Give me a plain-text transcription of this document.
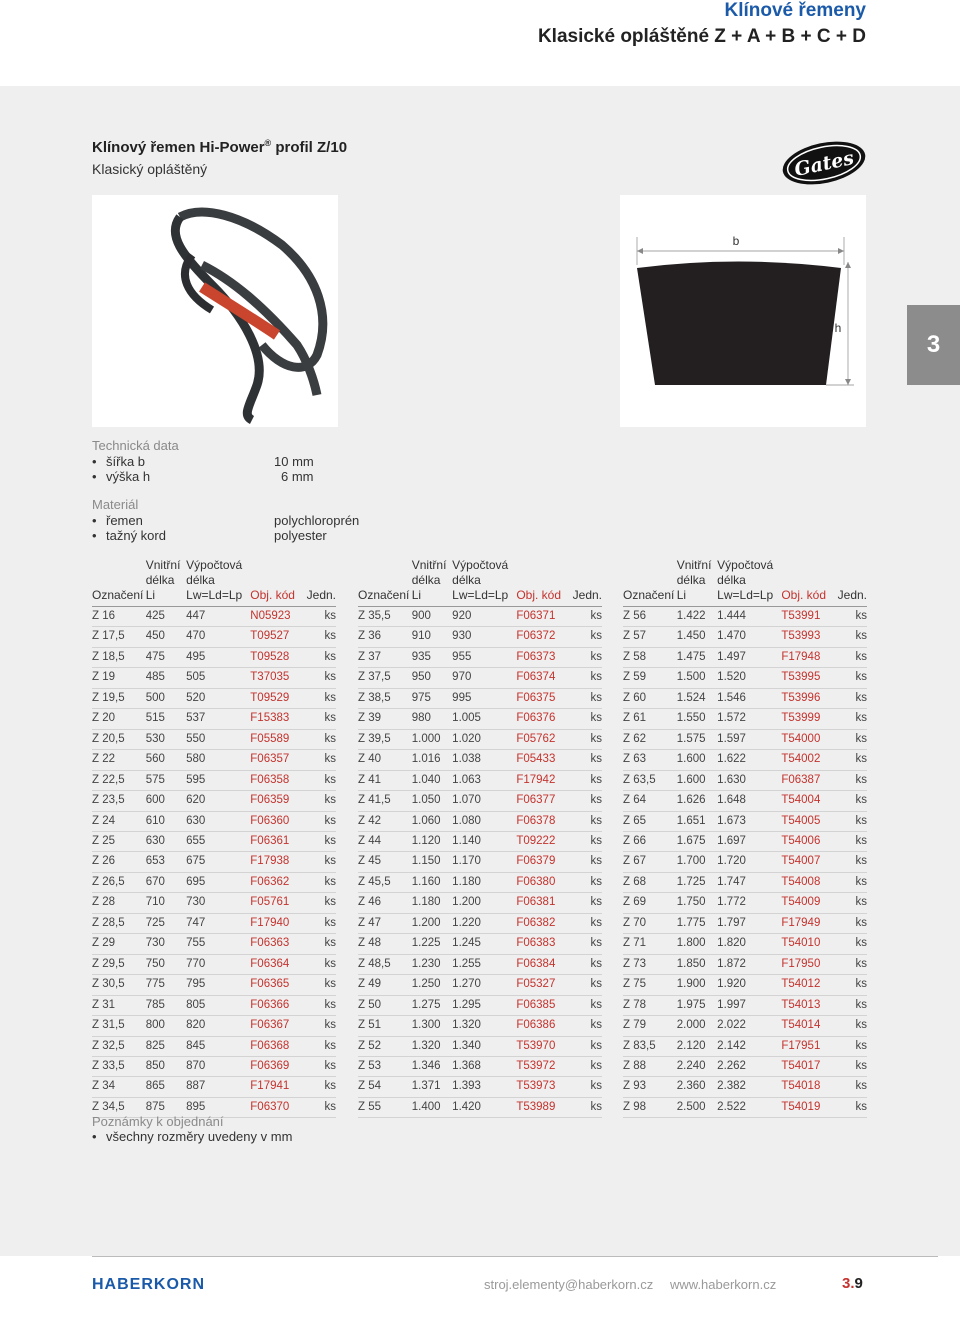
Klínové řemeny
Klasické opláštěné Z + A + B + C + D
Klínový řemen Hi-Power® profil Z/10
Klasický opláštěný	Gates
b
h
3
Technická data
• šířka b	10 mm
• výška h	6 mm
Materiál
• řemen	polychloroprén
• tažný kord	polyester
Označení	Vnitřní
délka
Li	Výpočtová
délka
Lw=Ld=Lp	Obj. kód	Jedn.
Z 16	425	447	N05923	ks
Z 17,5	450	470	T09527	ks
Z 18,5	475	495	T09528	ks
Z 19	485	505	T37035	ks
Z 19,5	500	520	T09529	ks
Z 20	515	537	F15383	ks
Z 20,5	530	550	F05589	ks
Z 22	560	580	F06357	ks
Z 22,5	575	595	F06358	ks
Z 23,5	600	620	F06359	ks
Z 24	610	630	F06360	ks
Z 25	630	655	F06361	ks
Z 26	653	675	F17938	ks
Z 26,5	670	695	F06362	ks
Z 28	710	730	F05761	ks
Z 28,5	725	747	F17940	ks
Z 29	730	755	F06363	ks
Z 29,5	750	770	F06364	ks
Z 30,5	775	795	F06365	ks
Z 31	785	805	F06366	ks
Z 31,5	800	820	F06367	ks
Z 32,5	825	845	F06368	ks
Z 33,5	850	870	F06369	ks
Z 34	865	887	F17941	ks
Z 34,5	875	895	F06370	ks
Označení	Vnitřní
délka
Li	Výpočtová
délka
Lw=Ld=Lp	Obj. kód	Jedn.
Z 35,5	900	920	F06371	ks
Z 36	910	930	F06372	ks
Z 37	935	955	F06373	ks
Z 37,5	950	970	F06374	ks
Z 38,5	975	995	F06375	ks
Z 39	980	1.005	F06376	ks
Z 39,5	1.000	1.020	F05762	ks
Z 40	1.016	1.038	F05433	ks
Z 41	1.040	1.063	F17942	ks
Z 41,5	1.050	1.070	F06377	ks
Z 42	1.060	1.080	F06378	ks
Z 44	1.120	1.140	T09222	ks
Z 45	1.150	1.170	F06379	ks
Z 45,5	1.160	1.180	F06380	ks
Z 46	1.180	1.200	F06381	ks
Z 47	1.200	1.220	F06382	ks
Z 48	1.225	1.245	F06383	ks
Z 48,5	1.230	1.255	F06384	ks
Z 49	1.250	1.270	F05327	ks
Z 50	1.275	1.295	F06385	ks
Z 51	1.300	1.320	F06386	ks
Z 52	1.320	1.340	T53970	ks
Z 53	1.346	1.368	T53972	ks
Z 54	1.371	1.393	T53973	ks
Z 55	1.400	1.420	T53989	ks
Označení	Vnitřní
délka
Li	Výpočtová
délka
Lw=Ld=Lp	Obj. kód	Jedn.
Z 56	1.422	1.444	T53991	ks
Z 57	1.450	1.470	T53993	ks
Z 58	1.475	1.497	F17948	ks
Z 59	1.500	1.520	T53995	ks
Z 60	1.524	1.546	T53996	ks
Z 61	1.550	1.572	T53999	ks
Z 62	1.575	1.597	T54000	ks
Z 63	1.600	1.622	T54002	ks
Z 63,5	1.600	1.630	F06387	ks
Z 64	1.626	1.648	T54004	ks
Z 65	1.651	1.673	T54005	ks
Z 66	1.675	1.697	T54006	ks
Z 67	1.700	1.720	T54007	ks
Z 68	1.725	1.747	T54008	ks
Z 69	1.750	1.772	T54009	ks
Z 70	1.775	1.797	F17949	ks
Z 71	1.800	1.820	T54010	ks
Z 73	1.850	1.872	F17950	ks
Z 75	1.900	1.920	T54012	ks
Z 78	1.975	1.997	T54013	ks
Z 79	2.000	2.022	T54014	ks
Z 83,5	2.120	2.142	F17951	ks
Z 88	2.240	2.262	T54017	ks
Z 93	2.360	2.382	T54018	ks
Z 98	2.500	2.522	T54019	ks
Poznámky k objednání
• všechny rozměry uvedeny v mm
HABERKORN	stroj.elementy@haberkorn.cz www.haberkorn.cz	3.9
